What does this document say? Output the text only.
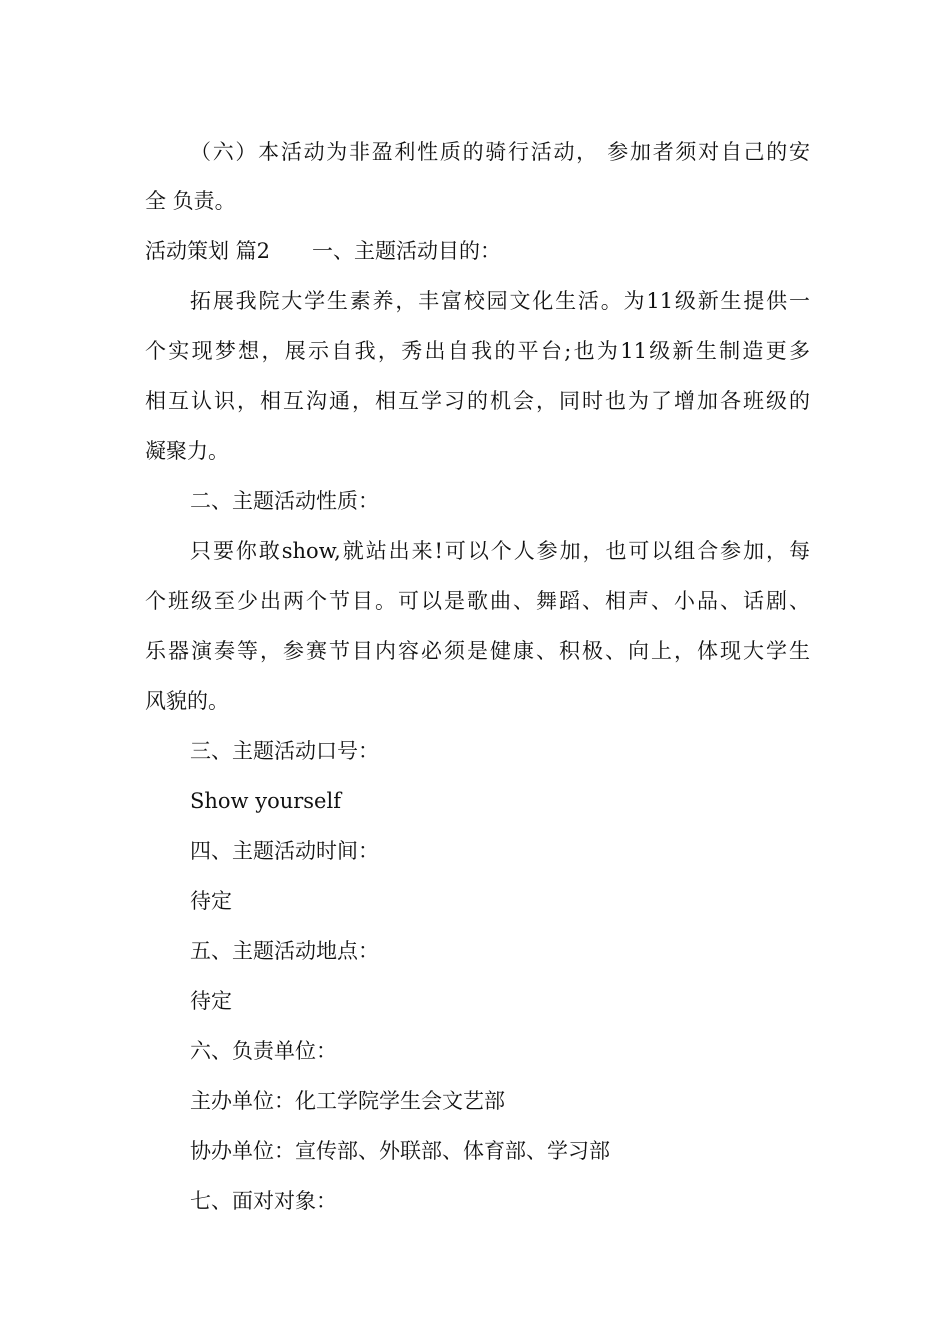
（六）本活动为非盈利性质的骑行活动， 参加者须对自己的安
全 负责。
活动策划 篇2 一、主题活动目的：
拓展我院大学生素养，丰富校园文化生活。为11级新生提供一
个实现梦想，展示自我，秀出自我的平台;也为11级新生制造更多
相互认识，相互沟通，相互学习的机会，同时也为了增加各班级的
凝聚力。
二、主题活动性质：
只要你敢show,就站出来!可以个人参加，也可以组合参加，每
个班级至少出两个节目。可以是歌曲、舞蹈、相声、小品、话剧、
乐器演奏等，参赛节目内容必须是健康、积极、向上，体现大学生
风貌的。
三、主题活动口号：
Show yourself
四、主题活动时间：
待定
五、主题活动地点：
待定
六、负责单位：
主办单位：化工学院学生会文艺部
协办单位：宣传部、外联部、体育部、学习部
七、面对对象：
